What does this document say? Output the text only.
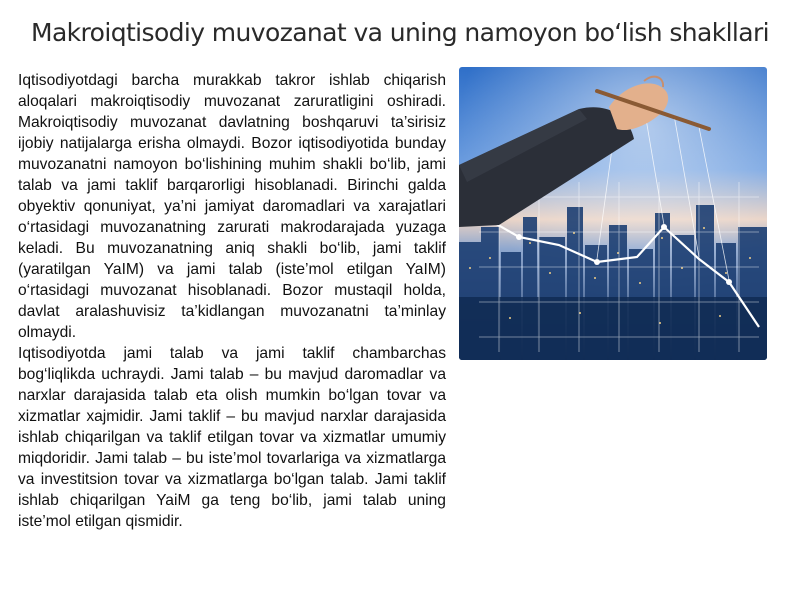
Makroiqtisodiy muvozanat va uning namoyon bo‘lish shakllari

Iqtisodiyotdagi barcha murakkab takror ishlab chiqarish aloqalari makroiqtisodiy muvozanat zaruratligini oshiradi. Makroiqtisodiy muvozanat davlatning boshqaruvi ta’sirisiz ijobiy natijalarga erisha olmaydi. Bozor iqtisodiyotida bunday muvozanatni namoyon bo‘lishining muhim shakli bo‘lib, jami talab va jami taklif barqarorligi hisoblanadi. Birinchi galda obyektiv qonuniyat, ya’ni jamiyat daromadlari va xarajatlari o‘rtasidagi muvozanatning zarurati makrodarajada yuzaga keladi. Bu muvozanatning aniq shakli bo‘lib, jami taklif (yaratilgan YaIM) va jami talab (iste’mol etilgan YaIM) o‘rtasidagi muvozanat hisoblanadi. Bozor mustaqil holda, davlat aralashuvisiz ta’kidlangan muvozanatni ta’minlay olmaydi.

Iqtisodiyotda jami talab va jami taklif chambarchas bog‘liqlikda uchraydi. Jami talab – bu mavjud daromadlar va narxlar darajasida talab eta olish mumkin bo‘lgan tovar va xizmatlar xajmidir. Jami taklif – bu mavjud narxlar darajasida ishlab chiqarilgan va taklif etilgan tovar va xizmatlar umumiy miqdoridir. Jami talab – bu iste’mol tovarlariga va xizmatlarga va investitsion tovar va xizmatlarga bo‘lgan talab. Jami taklif ishlab chiqarilgan YaiM ga teng bo‘lib, jami talab uning iste’mol etilgan qismidir.
